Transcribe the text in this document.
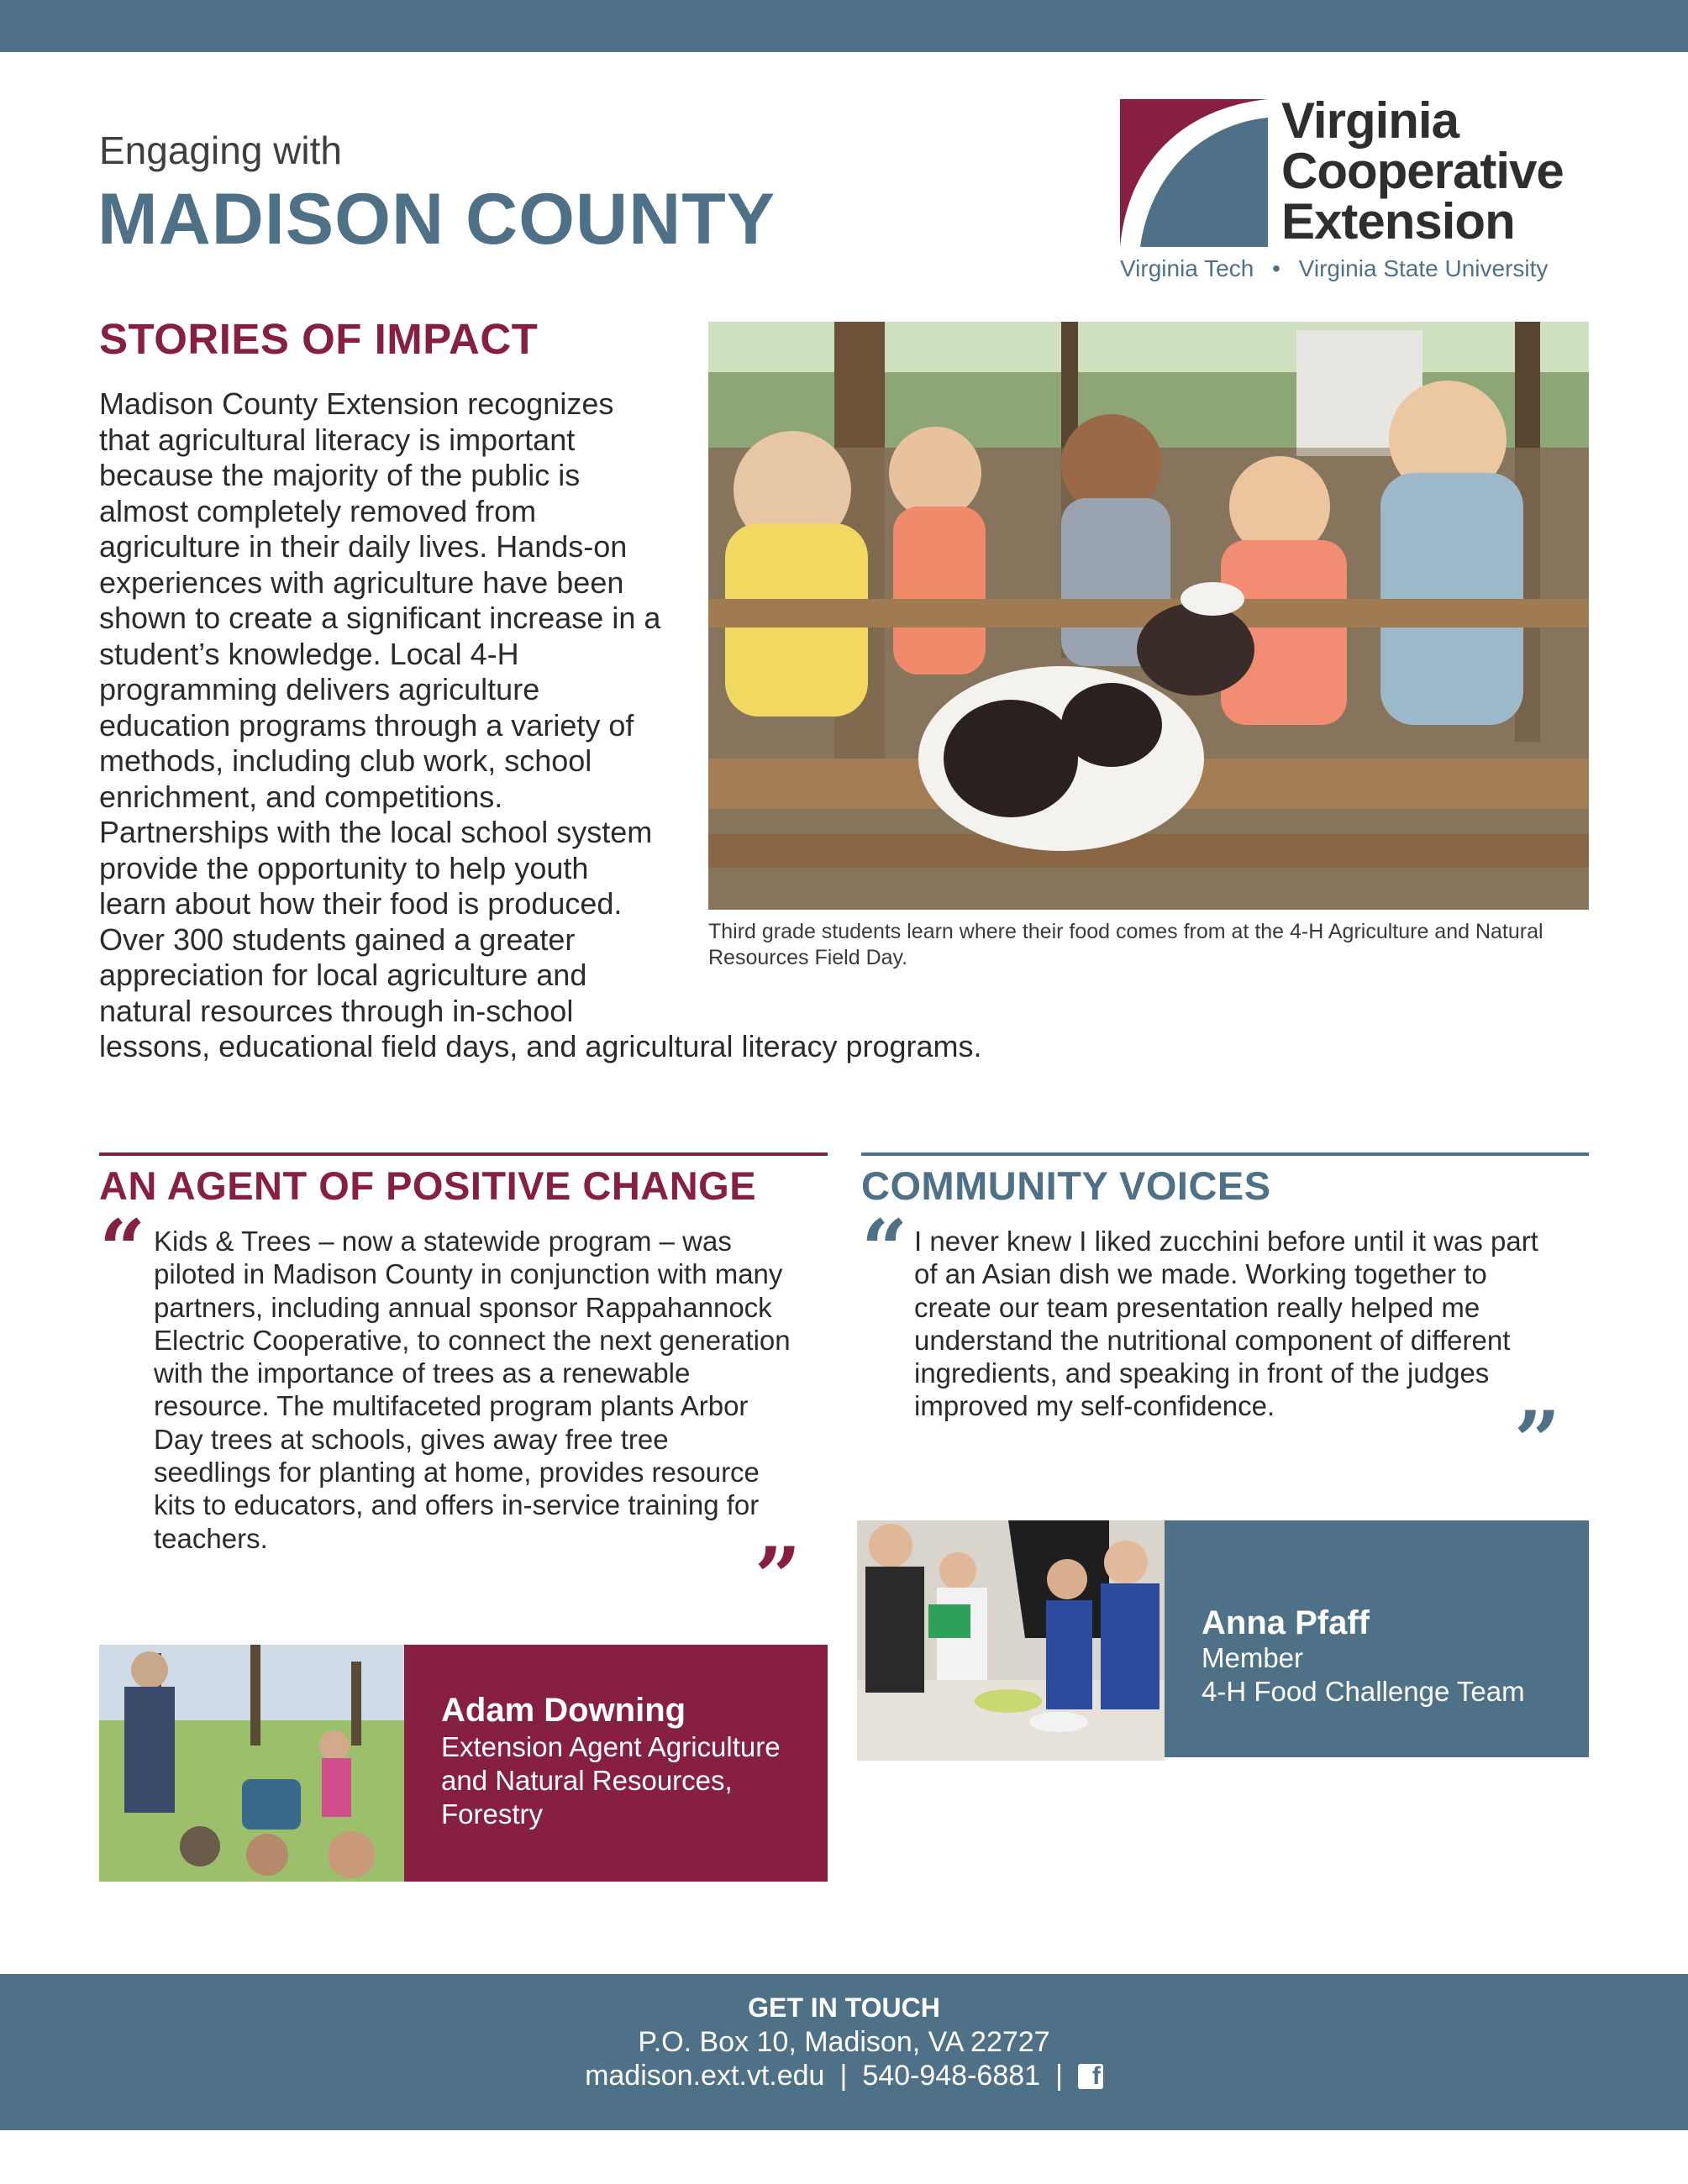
Engaging with
MADISON COUNTY
Virginia
Cooperative
Extension
Virginia Tech • Virginia State University
STORIES OF IMPACT
Madison County Extension recognizes that agricultural literacy is important because the majority of the public is almost completely removed from agriculture in their daily lives. Hands-on experiences with agriculture have been shown to create a significant increase in a student’s knowledge. Local 4-H programming delivers agriculture education programs through a variety of methods, including club work, school enrichment, and competitions. Partnerships with the local school system provide the opportunity to help youth learn about how their food is produced. Over 300 students gained a greater appreciation for local agriculture and natural resources through in-school lessons, educational field days, and agricultural literacy programs.
Third grade students learn where their food comes from at the 4-H Agriculture and Natural Resources Field Day.
AN AGENT OF POSITIVE CHANGE
“ Kids & Trees – now a statewide program – was piloted in Madison County in conjunction with many partners, including annual sponsor Rappahannock Electric Cooperative, to connect the next generation with the importance of trees as a renewable resource. The multifaceted program plants Arbor Day trees at schools, gives away free tree seedlings for planting at home, provides resource kits to educators, and offers in-service training for teachers.	”
Adam Downing
Extension Agent Agriculture
and Natural Resources,
Forestry
COMMUNITY VOICES
“ I never knew I liked zucchini before until it was part of an Asian dish we made. Working together to create our team presentation really helped me understand the nutritional component of different ingredients, and speaking in front of the judges improved my self-confidence.	”
Anna Pfaff
Member
4-H Food Challenge Team
GET IN TOUCH
P.O. Box 10, Madison, VA 22727
madison.ext.vt.edu | 540-948-6881 | f
